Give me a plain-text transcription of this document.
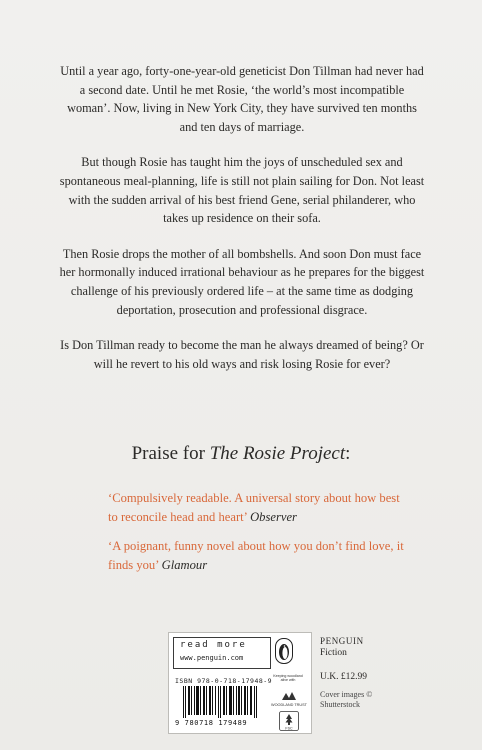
Until a year ago, forty-one-year-old geneticist Don Tillman had never had a second date. Until he met Rosie, ‘the world’s most incompatible woman’. Now, living in New York City, they have survived ten months and ten days of marriage.

But though Rosie has taught him the joys of unscheduled sex and spontaneous meal-planning, life is still not plain sailing for Don. Not least with the sudden arrival of his best friend Gene, serial philanderer, who takes up residence on their sofa.

Then Rosie drops the mother of all bombshells. And soon Don must face her hormonally induced irrational behaviour as he prepares for the biggest challenge of his previously ordered life – at the same time as dodging deportation, prosecution and professional disgrace.

Is Don Tillman ready to become the man he always dreamed of being? Or will he revert to his old ways and risk losing Rosie for ever?

Praise for The Rosie Project:
‘Compulsively readable. A universal story about how best to reconcile head and heart’ Observer
‘A poignant, funny novel about how you don’t find love, it finds you’ Glamour
read more
www.penguin.com
ISBN 978-0-718-17948-9
9 780718 179489
Keeping woodland alive with
WOODLAND TRUST
FSC
PENGUIN
Fiction
U.K. £12.99
Cover images ©
Shutterstock
